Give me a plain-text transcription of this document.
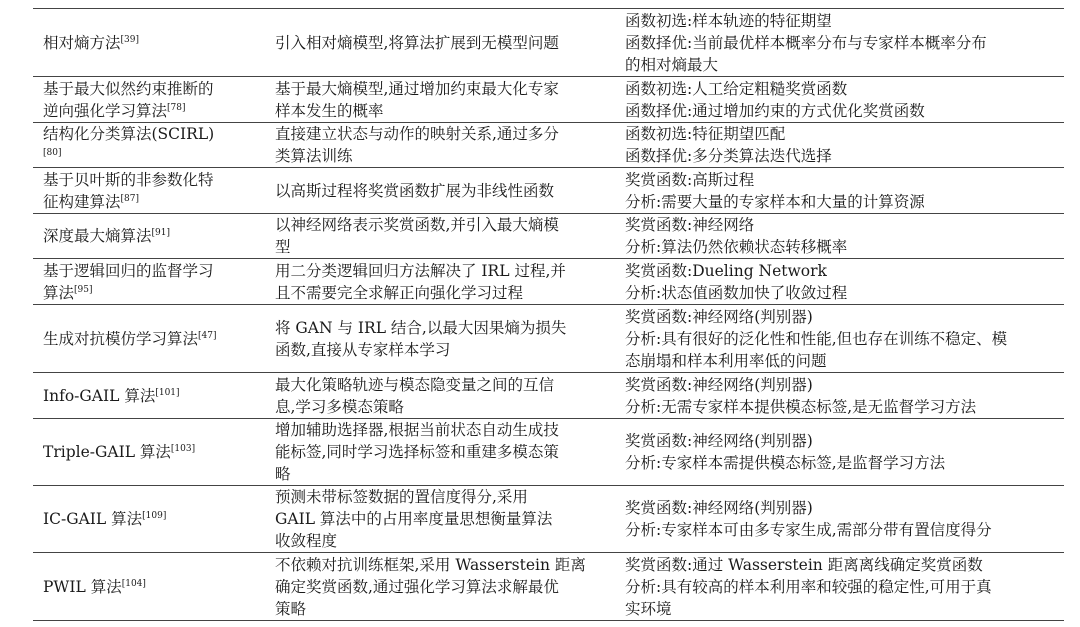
相对熵方法[39]	引入相对熵模型,将算法扩展到无模型问题	函数初选:样本轨迹的特征期望
函数择优:当前最优样本概率分布与专家样本概率分布
的相对熵最大

基于最大似然约束推断的
逆向强化学习算法[78]	基于最大熵模型,通过增加约束最大化专家
样本发生的概率	函数初选:人工给定粗糙奖赏函数
函数择优:通过增加约束的方式优化奖赏函数

结构化分类算法(SCIRL)
[80]	直接建立状态与动作的映射关系,通过多分
类算法训练	函数初选:特征期望匹配
函数择优:多分类算法迭代选择

基于贝叶斯的非参数化特
征构建算法[87]	以高斯过程将奖赏函数扩展为非线性函数	奖赏函数:高斯过程
分析:需要大量的专家样本和大量的计算资源

深度最大熵算法[91]	以神经网络表示奖赏函数,并引入最大熵模
型	奖赏函数:神经网络
分析:算法仍然依赖状态转移概率

基于逻辑回归的监督学习
算法[95]	用二分类逻辑回归方法解决了 IRL 过程,并
且不需要完全求解正向强化学习过程	奖赏函数:Dueling Network
分析:状态值函数加快了收敛过程

生成对抗模仿学习算法[47]	将 GAN 与 IRL 结合,以最大因果熵为损失
函数,直接从专家样本学习	奖赏函数:神经网络(判别器)
分析:具有很好的泛化性和性能,但也存在训练不稳定、模
态崩塌和样本利用率低的问题

Info-GAIL 算法[101]	最大化策略轨迹与模态隐变量之间的互信
息,学习多模态策略	奖赏函数:神经网络(判别器)
分析:无需专家样本提供模态标签,是无监督学习方法

Triple-GAIL 算法[103]	增加辅助选择器,根据当前状态自动生成技
能标签,同时学习选择标签和重建多模态策
略	奖赏函数:神经网络(判别器)
分析:专家样本需提供模态标签,是监督学习方法

IC-GAIL 算法[109]	预测未带标签数据的置信度得分,采用
GAIL 算法中的占用率度量思想衡量算法
收敛程度	奖赏函数:神经网络(判别器)
分析:专家样本可由多专家生成,需部分带有置信度得分

PWIL 算法[104]	不依赖对抗训练框架,采用 Wasserstein 距离
确定奖赏函数,通过强化学习算法求解最优
策略	奖赏函数:通过 Wasserstein 距离离线确定奖赏函数
分析:具有较高的样本利用率和较强的稳定性,可用于真
实环境
